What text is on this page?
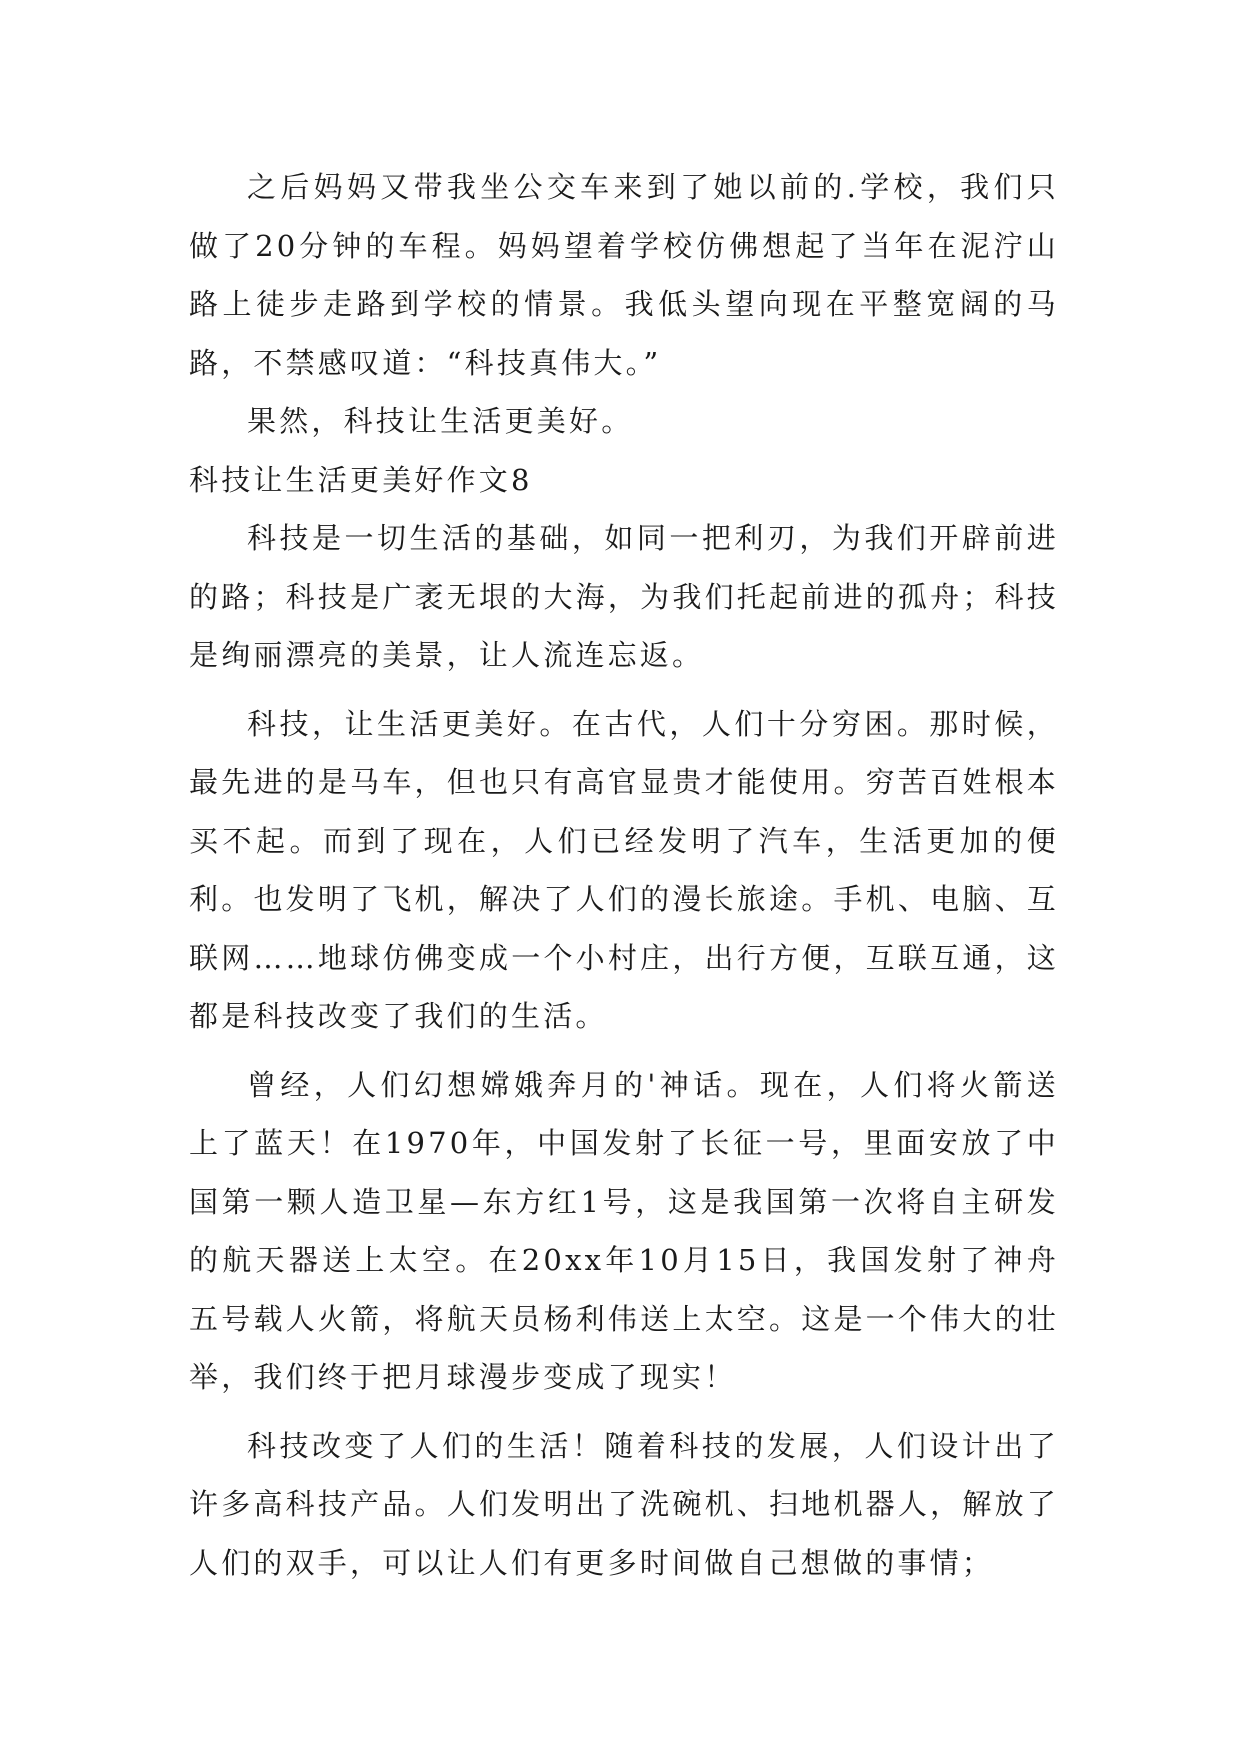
之后妈妈又带我坐公交车来到了她以前的.学校，我们只做了20分钟的车程。妈妈望着学校仿佛想起了当年在泥泞山路上徒步走路到学校的情景。我低头望向现在平整宽阔的马路，不禁感叹道：“科技真伟大。”

果然，科技让生活更美好。

科技让生活更美好作文8

科技是一切生活的基础，如同一把利刃，为我们开辟前进的路；科技是广袤无垠的大海，为我们托起前进的孤舟；科技是绚丽漂亮的美景，让人流连忘返。

科技，让生活更美好。在古代，人们十分穷困。那时候，最先进的是马车，但也只有高官显贵才能使用。穷苦百姓根本买不起。而到了现在，人们已经发明了汽车，生活更加的便利。也发明了飞机，解决了人们的漫长旅途。手机、电脑、互联网……地球仿佛变成一个小村庄，出行方便，互联互通，这都是科技改变了我们的生活。

曾经，人们幻想嫦娥奔月的'神话。现在，人们将火箭送上了蓝天！在1970年，中国发射了长征一号，里面安放了中国第一颗人造卫星—东方红1号，这是我国第一次将自主研发的航天器送上太空。在20xx年10月15日，我国发射了神舟五号载人火箭，将航天员杨利伟送上太空。这是一个伟大的壮举，我们终于把月球漫步变成了现实！

科技改变了人们的生活！随着科技的发展，人们设计出了许多高科技产品。人们发明出了洗碗机、扫地机器人，解放了人们的双手，可以让人们有更多时间做自己想做的事情；
